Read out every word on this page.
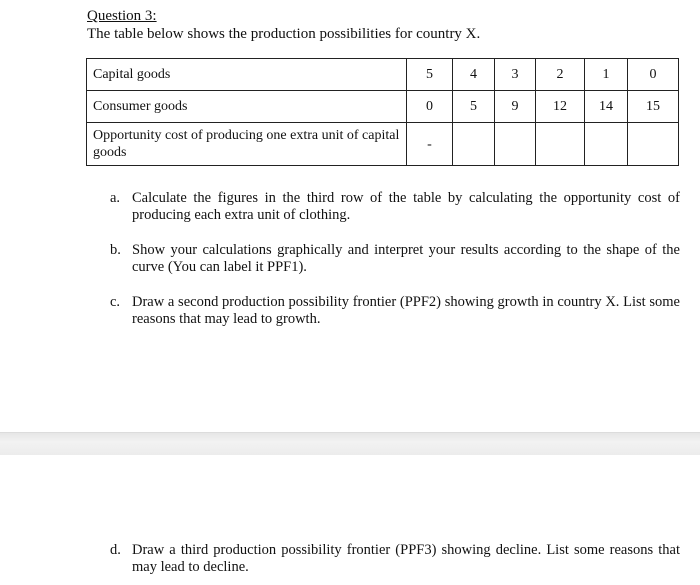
Question 3:
The table below shows the production possibilities for country X.
Capital goods	5	4	3	2	1	0
Consumer goods	0	5	9	12	14	15
Opportunity cost of producing one extra unit of capital goods	-					
a. Calculate the figures in the third row of the table by calculating the opportunity cost of producing each extra unit of clothing.
b. Show your calculations graphically and interpret your results according to the shape of the curve (You can label it PPF1).
c. Draw a second production possibility frontier (PPF2) showing growth in country X. List some reasons that may lead to growth.
d. Draw a third production possibility frontier (PPF3) showing decline. List some reasons that may lead to decline.
